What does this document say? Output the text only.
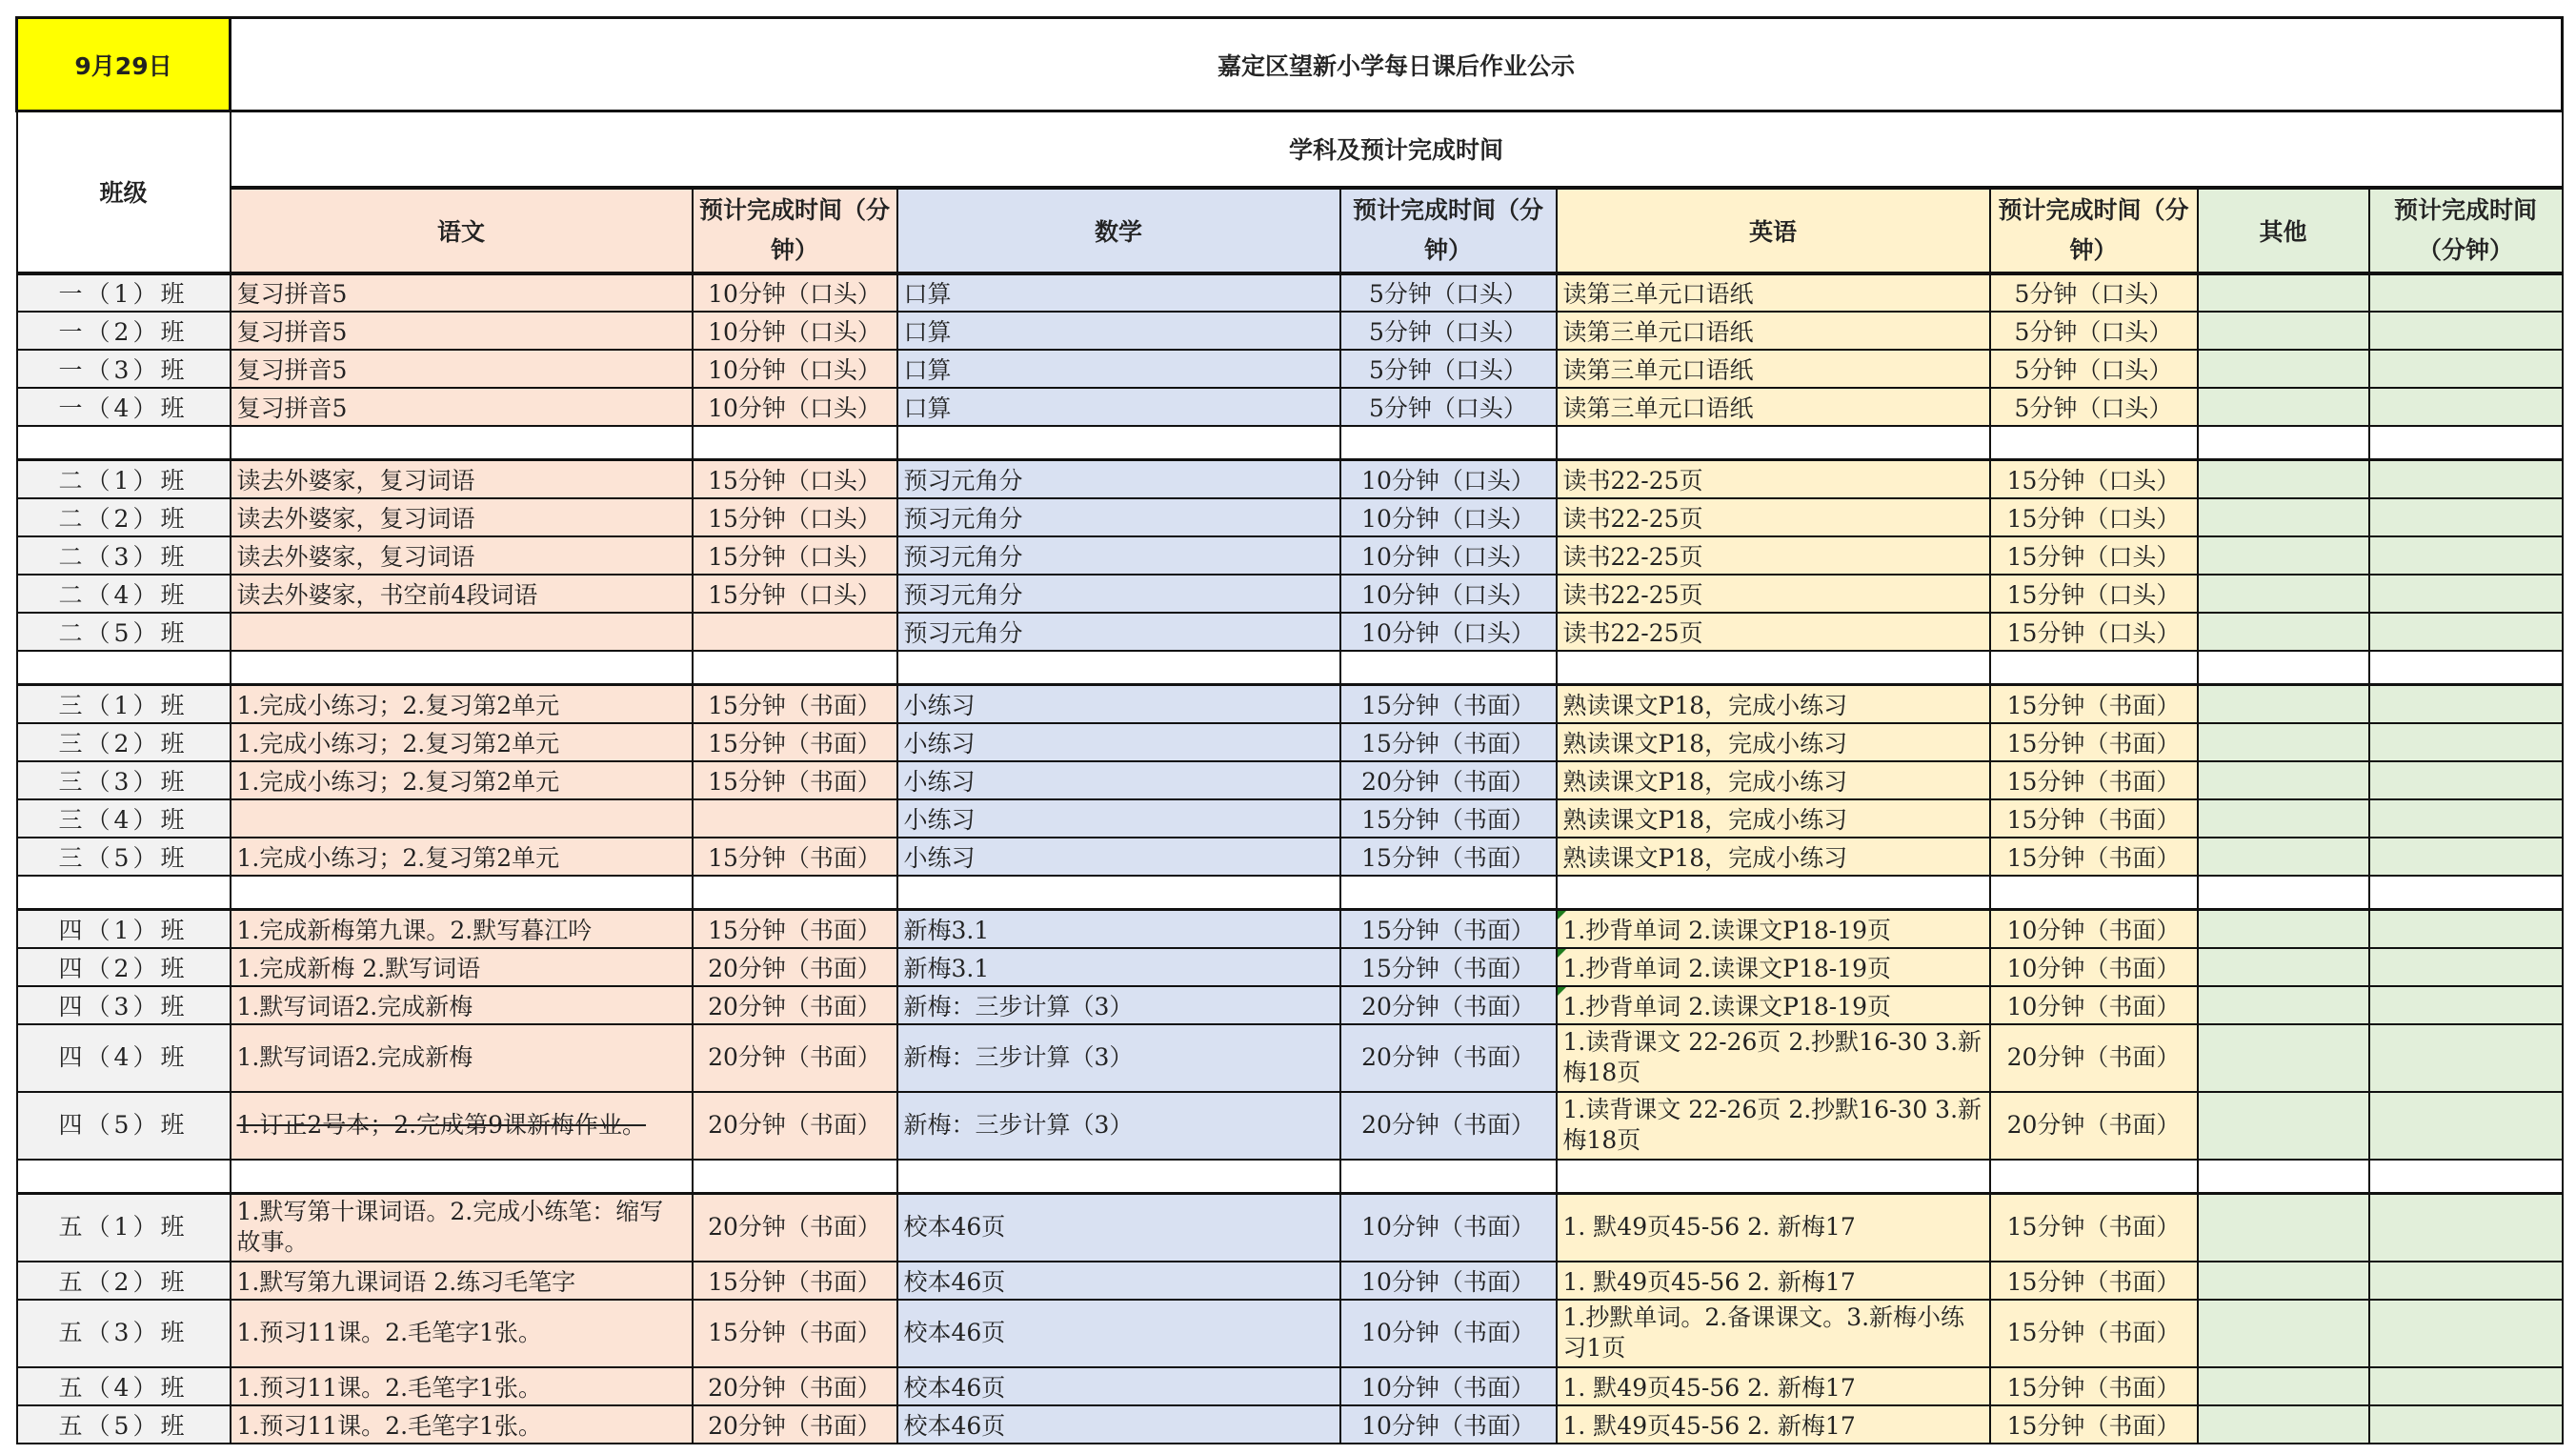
9月29日	嘉定区望新小学每日课后作业公示							
班级	学科及预计完成时间							
	语文	预计完成时间（分钟）	数学	预计完成时间（分钟）	英语	预计完成时间（分钟）	其他	预计完成时间（分钟）
一（1）班	复习拼音5	10分钟（口头）	口算	5分钟（口头）	读第三单元口语纸	5分钟（口头）		
一（2）班	复习拼音5	10分钟（口头）	口算	5分钟（口头）	读第三单元口语纸	5分钟（口头）		
一（3）班	复习拼音5	10分钟（口头）	口算	5分钟（口头）	读第三单元口语纸	5分钟（口头）		
一（4）班	复习拼音5	10分钟（口头）	口算	5分钟（口头）	读第三单元口语纸	5分钟（口头）		

二（1）班	读去外婆家，复习词语	15分钟（口头）	预习元角分	10分钟（口头）	读书22-25页	15分钟（口头）		
二（2）班	读去外婆家，复习词语	15分钟（口头）	预习元角分	10分钟（口头）	读书22-25页	15分钟（口头）		
二（3）班	读去外婆家，复习词语	15分钟（口头）	预习元角分	10分钟（口头）	读书22-25页	15分钟（口头）		
二（4）班	读去外婆家，书空前4段词语	15分钟（口头）	预习元角分	10分钟（口头）	读书22-25页	15分钟（口头）		
二（5）班			预习元角分	10分钟（口头）	读书22-25页	15分钟（口头）		

三（1）班	1.完成小练习；2.复习第2单元	15分钟（书面）	小练习	15分钟（书面）	熟读课文P18，完成小练习	15分钟（书面）		
三（2）班	1.完成小练习；2.复习第2单元	15分钟（书面）	小练习	15分钟（书面）	熟读课文P18，完成小练习	15分钟（书面）		
三（3）班	1.完成小练习；2.复习第2单元	15分钟（书面）	小练习	20分钟（书面）	熟读课文P18，完成小练习	15分钟（书面）		
三（4）班			小练习	15分钟（书面）	熟读课文P18，完成小练习	15分钟（书面）		
三（5）班	1.完成小练习；2.复习第2单元	15分钟（书面）	小练习	15分钟（书面）	熟读课文P18，完成小练习	15分钟（书面）		

四（1）班	1.完成新梅第九课。2.默写暮江吟	15分钟（书面）	新梅3.1	15分钟（书面）	1.抄背单词 2.读课文P18-19页	10分钟（书面）		
四（2）班	1.完成新梅 2.默写词语	20分钟（书面）	新梅3.1	15分钟（书面）	1.抄背单词 2.读课文P18-19页	10分钟（书面）		
四（3）班	1.默写词语2.完成新梅	20分钟（书面）	新梅：三步计算（3）	20分钟（书面）	1.抄背单词 2.读课文P18-19页	10分钟（书面）		
四（4）班	1.默写词语2.完成新梅	20分钟（书面）	新梅：三步计算（3）	20分钟（书面）	1.读背课文 22-26页 2.抄默16-30 3.新梅18页	20分钟（书面）		
四（5）班	1.订正2号本；2.完成第9课新梅作业。	20分钟（书面）	新梅：三步计算（3）	20分钟（书面）	1.读背课文 22-26页 2.抄默16-30 3.新梅18页	20分钟（书面）		

五（1）班	1.默写第十课词语。2.完成小练笔：缩写故事。	20分钟（书面）	校本46页	10分钟（书面）	1. 默49页45-56 2. 新梅17	15分钟（书面）		
五（2）班	1.默写第九课词语 2.练习毛笔字	15分钟（书面）	校本46页	10分钟（书面）	1. 默49页45-56 2. 新梅17	15分钟（书面）		
五（3）班	1.预习11课。2.毛笔字1张。	15分钟（书面）	校本46页	10分钟（书面）	1.抄默单词。2.备课课文。3.新梅小练习1页	15分钟（书面）		
五（4）班	1.预习11课。2.毛笔字1张。	20分钟（书面）	校本46页	10分钟（书面）	1. 默49页45-56 2. 新梅17	15分钟（书面）		
五（5）班	1.预习11课。2.毛笔字1张。	20分钟（书面）	校本46页	10分钟（书面）	1. 默49页45-56 2. 新梅17	15分钟（书面）		
